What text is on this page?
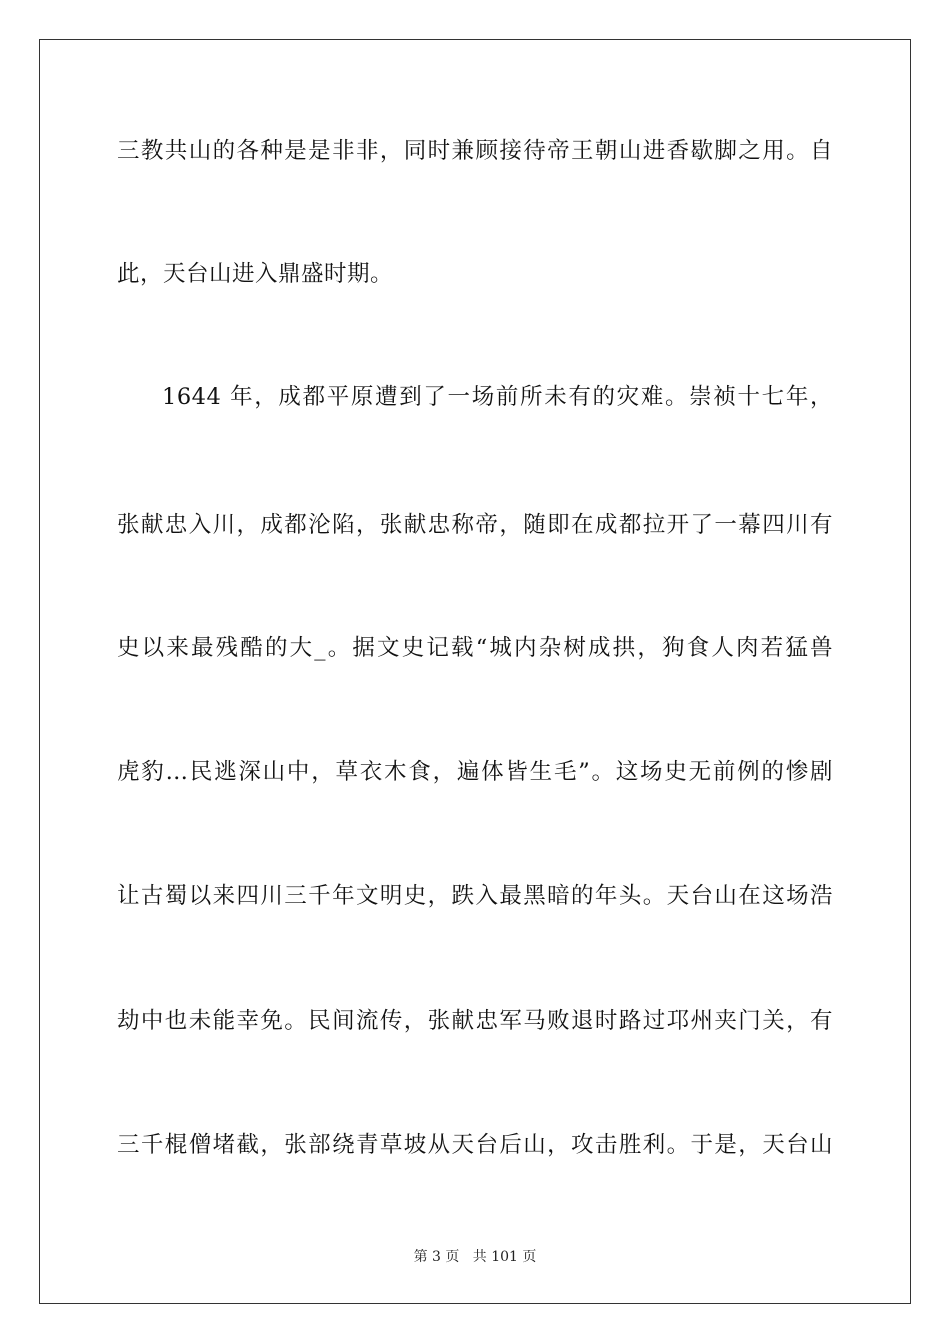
三教共山的各种是是非非，同时兼顾接待帝王朝山进香歇脚之用。自
此，天台山进入鼎盛时期。
1644 年，成都平原遭到了一场前所未有的灾难。崇祯十七年，
张献忠入川，成都沦陷，张献忠称帝，随即在成都拉开了一幕四川有
史以来最残酷的大_。据文史记载“城内杂树成拱，狗食人肉若猛兽
虎豹…民逃深山中，草衣木食，遍体皆生毛”。这场史无前例的惨剧
让古蜀以来四川三千年文明史，跌入最黑暗的年头。天台山在这场浩
劫中也未能幸免。民间流传，张献忠军马败退时路过邛州夹门关，有
三千棍僧堵截，张部绕青草坡从天台后山，攻击胜利。于是，天台山
第 3 页 共 101 页
